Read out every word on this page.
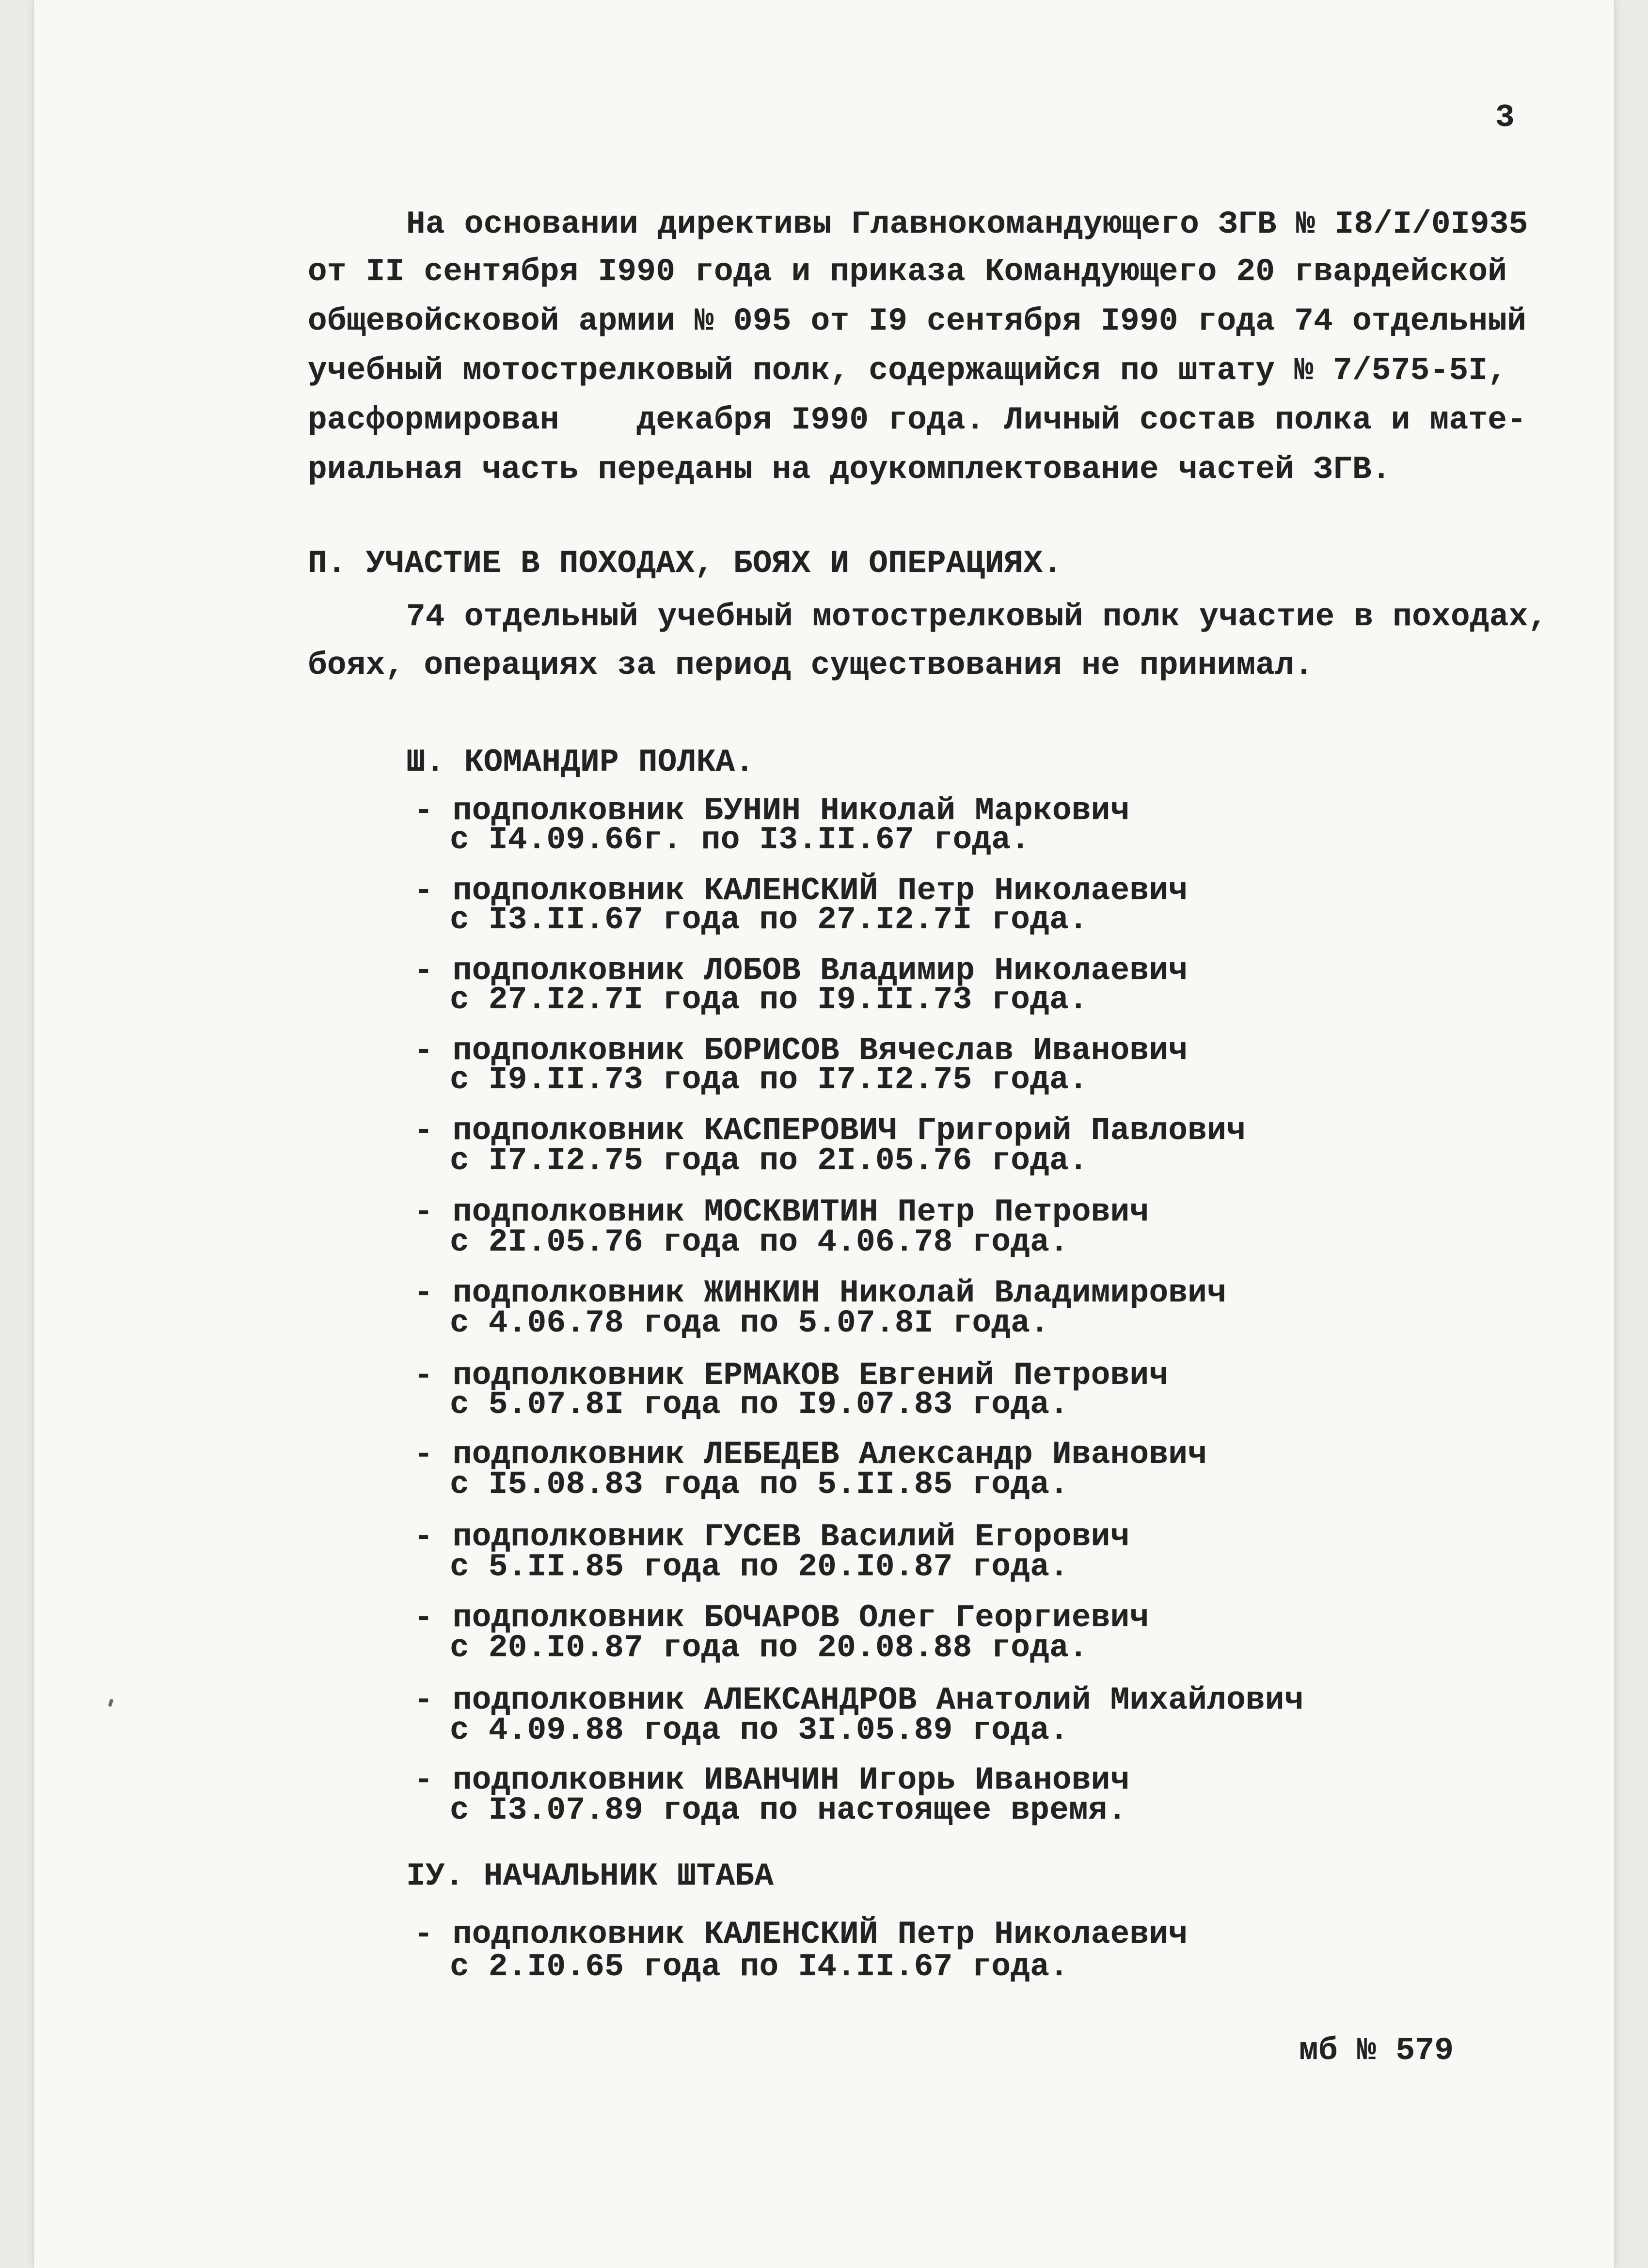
3
На основании директивы Главнокомандующего ЗГВ № I8/I/0I935
от II сентября I990 года и приказа Командующего 20 гвардейской
общевойсковой армии № 095 от I9 сентября I990 года 74 отдельный
учебный мотострелковый полк, содержащийся по штату № 7/575-5I,
расформирован    декабря I990 года. Личный состав полка и мате-
риальная часть переданы на доукомплектование частей ЗГВ.
П. УЧАСТИЕ В ПОХОДАХ, БОЯХ И ОПЕРАЦИЯХ.
74 отдельный учебный мотострелковый полк участие в походах,
боях, операциях за период существования не принимал.
Ш. КОМАНДИР ПОЛКА.
- подполковник БУНИН Николай Маркович
с I4.09.66г. по I3.II.67 года.
- подполковник КАЛЕНСКИЙ Петр Николаевич
с I3.II.67 года по 27.I2.7I года.
- подполковник ЛОБОВ Владимир Николаевич
с 27.I2.7I года по I9.II.73 года.
- подполковник БОРИСОВ Вячеслав Иванович
с I9.II.73 года по I7.I2.75 года.
- подполковник КАСПЕРОВИЧ Григорий Павлович
с I7.I2.75 года по 2I.05.76 года.
- подполковник МОСКВИТИН Петр Петрович
с 2I.05.76 года по 4.06.78 года.
- подполковник ЖИНКИН Николай Владимирович
с 4.06.78 года по 5.07.8I года.
- подполковник ЕРМАКОВ Евгений Петрович
с 5.07.8I года по I9.07.83 года.
- подполковник ЛЕБЕДЕВ Александр Иванович
с I5.08.83 года по 5.II.85 года.
- подполковник ГУСЕВ Василий Егорович
с 5.II.85 года по 20.I0.87 года.
- подполковник БОЧАРОВ Олег Георгиевич
с 20.I0.87 года по 20.08.88 года.
- подполковник АЛЕКСАНДРОВ Анатолий Михайлович
с 4.09.88 года по 3I.05.89 года.
- подполковник ИВАНЧИН Игорь Иванович
с I3.07.89 года по настоящее время.
IУ. НАЧАЛЬНИК ШТАБА
- подполковник КАЛЕНСКИЙ Петр Николаевич
с 2.I0.65 года по I4.II.67 года.
мб № 579
